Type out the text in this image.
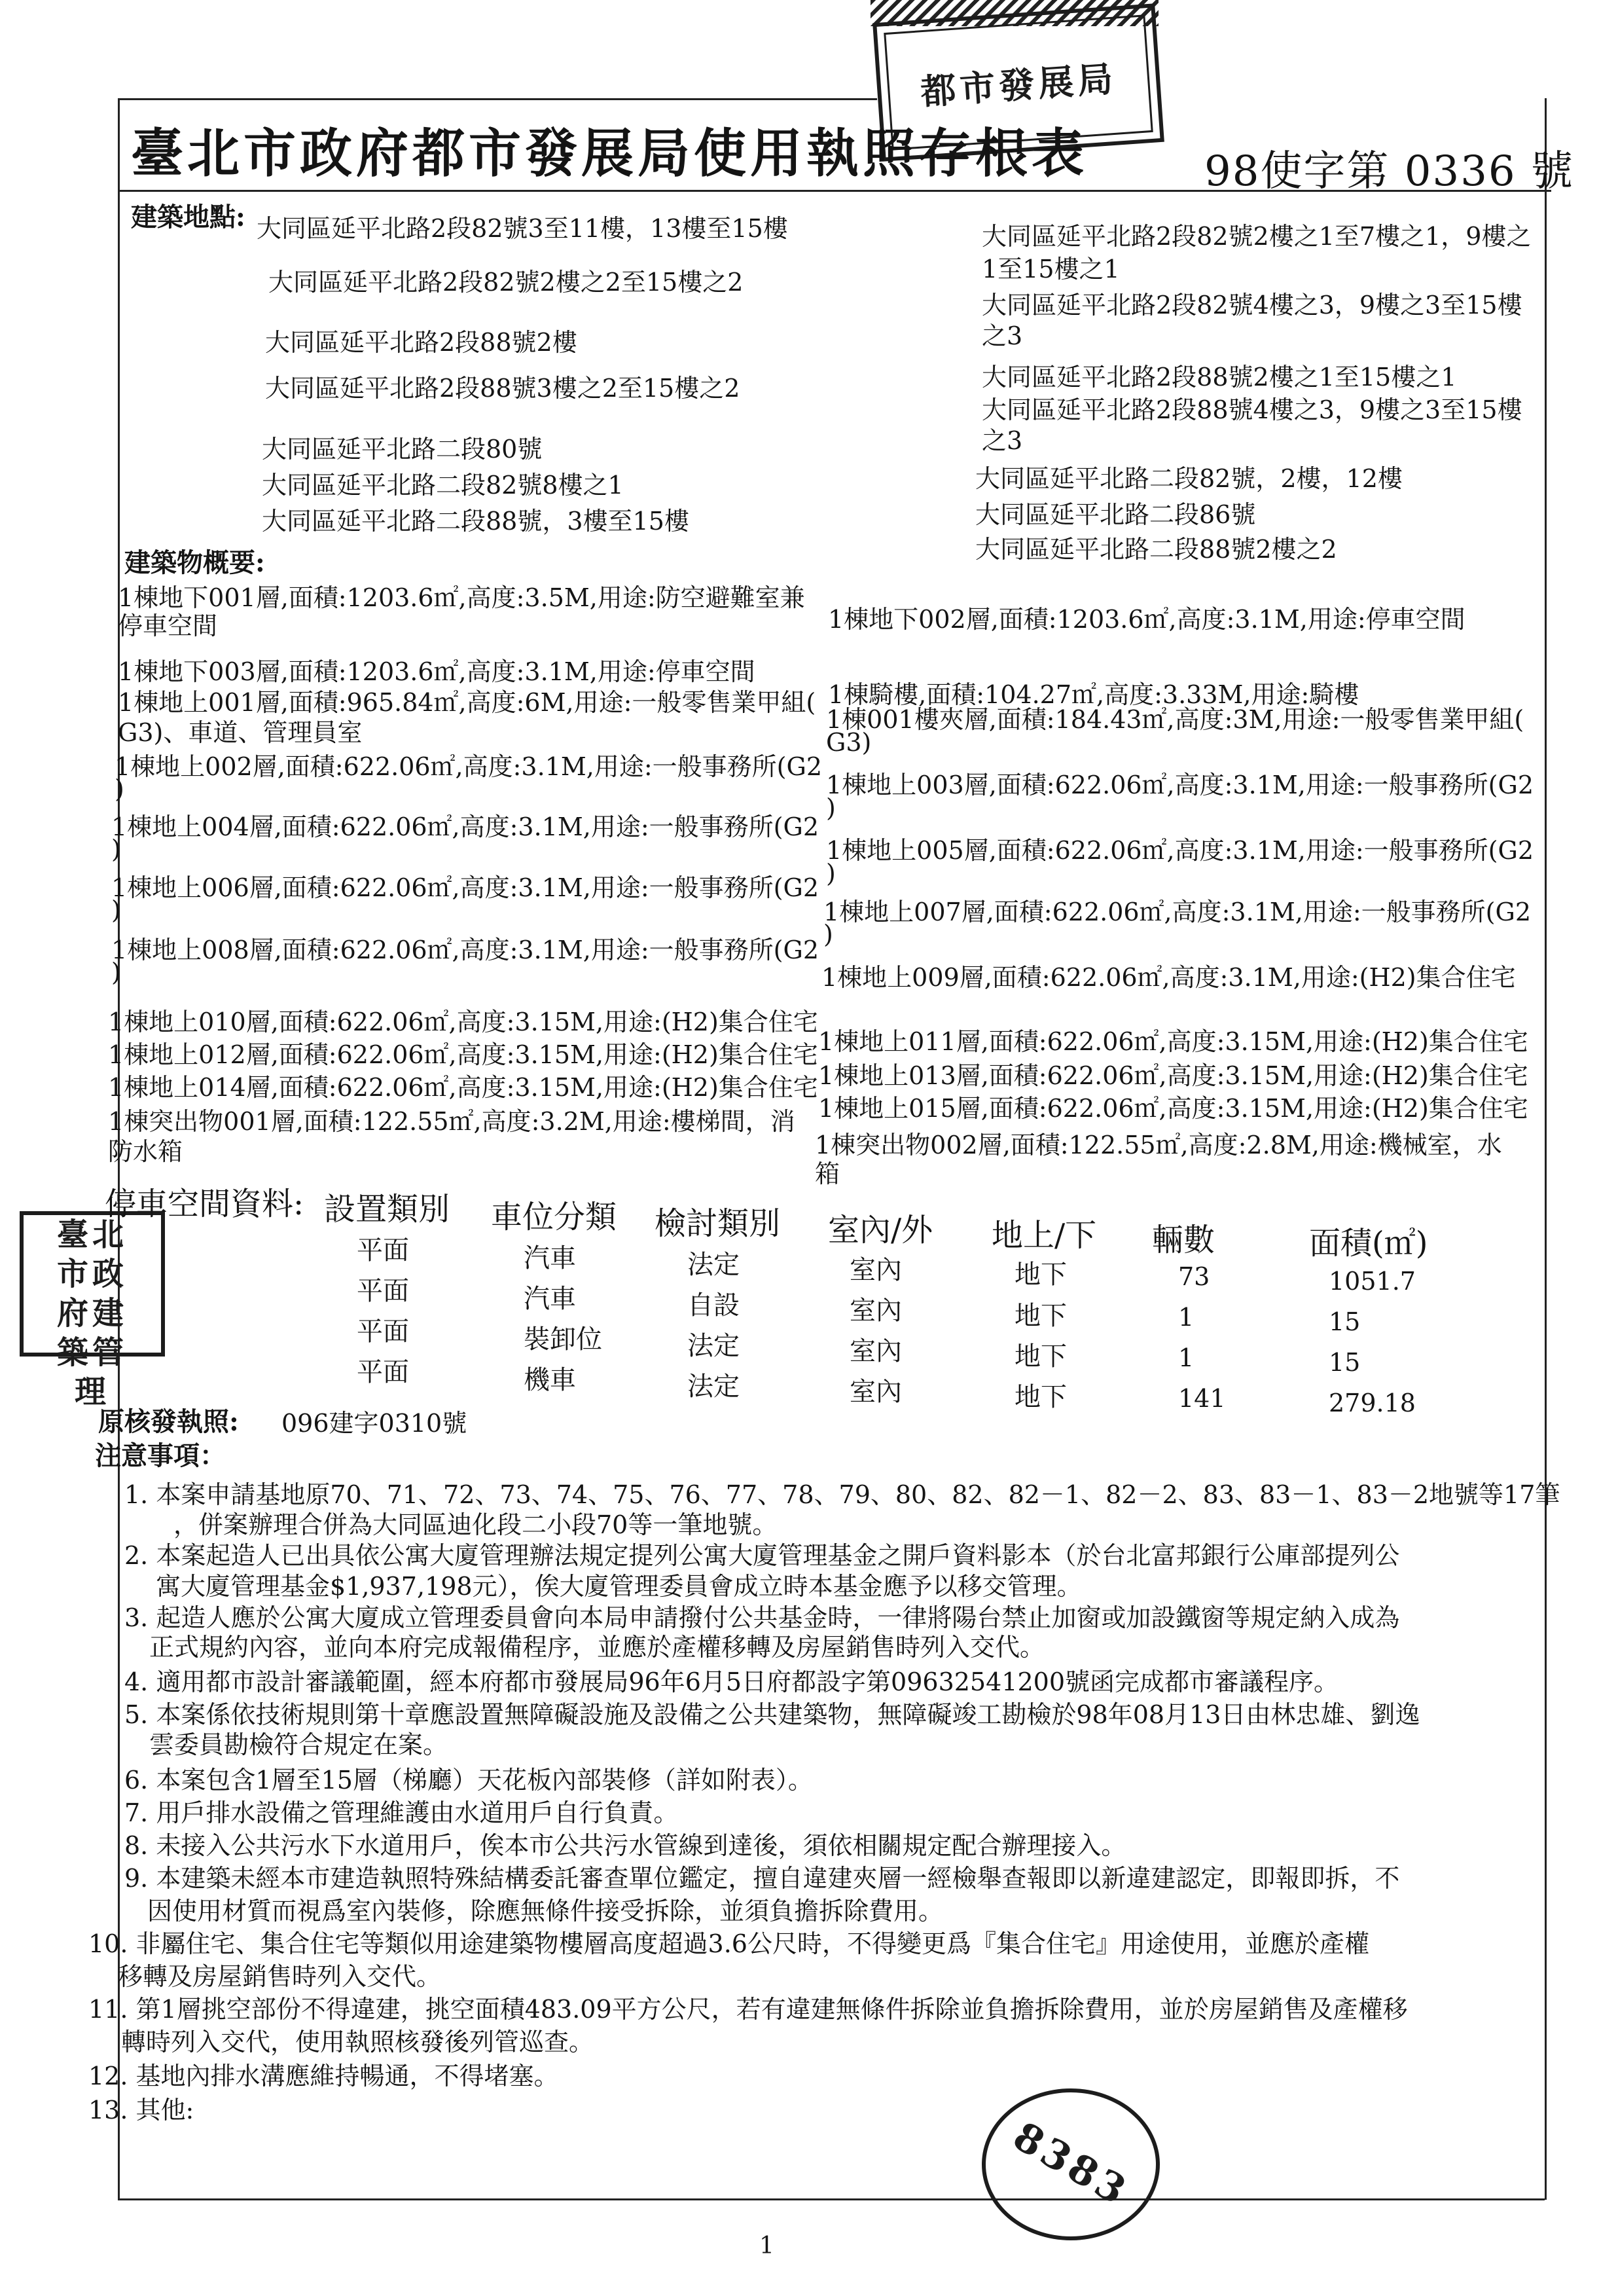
都市發展局
臺北市政府建築管理
8383
臺北市政府都市發展局使用執照存根表	98使字第 0336 號
建築地點: 大同區延平北路2段82號3至11樓，13樓至15樓
大同區延平北路2段82號2樓之2至15樓之2
大同區延平北路2段88號2樓
大同區延平北路2段88號3樓之2至15樓之2
大同區延平北路二段80號
大同區延平北路二段82號8樓之1
大同區延平北路二段88號，3樓至15樓
大同區延平北路2段82號2樓之1至7樓之1，9樓之
1至15樓之1
大同區延平北路2段82號4樓之3，9樓之3至15樓
之3
大同區延平北路2段88號2樓之1至15樓之1
大同區延平北路2段88號4樓之3，9樓之3至15樓
之3
大同區延平北路二段82號，2樓，12樓
大同區延平北路二段86號
大同區延平北路二段88號2樓之2
建築物概要:
1棟地下001層,面積:1203.6㎡,高度:3.5M,用途:防空避難室兼
停車空間
1棟地下003層,面積:1203.6㎡,高度:3.1M,用途:停車空間
1棟地上001層,面積:965.84㎡,高度:6M,用途:一般零售業甲組(
G3)、車道、管理員室
1棟地上002層,面積:622.06㎡,高度:3.1M,用途:一般事務所(G2
)
1棟地上004層,面積:622.06㎡,高度:3.1M,用途:一般事務所(G2
)
1棟地上006層,面積:622.06㎡,高度:3.1M,用途:一般事務所(G2
)
1棟地上008層,面積:622.06㎡,高度:3.1M,用途:一般事務所(G2
)
1棟地上010層,面積:622.06㎡,高度:3.15M,用途:(H2)集合住宅
1棟地上012層,面積:622.06㎡,高度:3.15M,用途:(H2)集合住宅
1棟地上014層,面積:622.06㎡,高度:3.15M,用途:(H2)集合住宅
1棟突出物001層,面積:122.55㎡,高度:3.2M,用途:樓梯間，消
防水箱
1棟地下002層,面積:1203.6㎡,高度:3.1M,用途:停車空間
1棟騎樓,面積:104.27㎡,高度:3.33M,用途:騎樓
1棟001樓夾層,面積:184.43㎡,高度:3M,用途:一般零售業甲組(
G3)
1棟地上003層,面積:622.06㎡,高度:3.1M,用途:一般事務所(G2
)
1棟地上005層,面積:622.06㎡,高度:3.1M,用途:一般事務所(G2
)
1棟地上007層,面積:622.06㎡,高度:3.1M,用途:一般事務所(G2
)
1棟地上009層,面積:622.06㎡,高度:3.1M,用途:(H2)集合住宅
1棟地上011層,面積:622.06㎡,高度:3.15M,用途:(H2)集合住宅
1棟地上013層,面積:622.06㎡,高度:3.15M,用途:(H2)集合住宅
1棟地上015層,面積:622.06㎡,高度:3.15M,用途:(H2)集合住宅
1棟突出物002層,面積:122.55㎡,高度:2.8M,用途:機械室，水
箱
停車空間資料: 設置類別 車位分類 檢討類別 室內/外 地上/下 輛數	面積(㎡)
平面	汽車	法定	室內	地下	73	1051.7
平面	汽車	自設	室內	地下	1	15
平面	裝卸位	法定	室內	地下	1	15
平面	機車	法定	室內	地下	141	279.18
原核發執照: 096建字0310號
注意事項：
1. 本案申請基地原70、71、72、73、74、75、76、77、78、79、80、82、82－1、82－2、83、83－1、83－2地號等17筆
，併案辦理合併為大同區迪化段二小段70等一筆地號。
2. 本案起造人已出具依公寓大廈管理辦法規定提列公寓大廈管理基金之開戶資料影本（於台北富邦銀行公庫部提列公
寓大廈管理基金$1,937,198元），俟大廈管理委員會成立時本基金應予以移交管理。
3. 起造人應於公寓大廈成立管理委員會向本局申請撥付公共基金時，一律將陽台禁止加窗或加設鐵窗等規定納入成為
正式規約內容，並向本府完成報備程序，並應於產權移轉及房屋銷售時列入交代。
4. 適用都市設計審議範圍，經本府都市發展局96年6月5日府都設字第09632541200號函完成都市審議程序。
5. 本案係依技術規則第十章應設置無障礙設施及設備之公共建築物，無障礙竣工勘檢於98年08月13日由林忠雄、劉逸
雲委員勘檢符合規定在案。
6. 本案包含1層至15層（梯廳）天花板內部裝修（詳如附表）。
7. 用戶排水設備之管理維護由水道用戶自行負責。
8. 未接入公共污水下水道用戶，俟本市公共污水管線到達後，須依相關規定配合辦理接入。
9. 本建築未經本市建造執照特殊結構委託審查單位鑑定，擅自違建夾層一經檢舉查報即以新違建認定，即報即拆，不
因使用材質而視爲室內裝修，除應無條件接受拆除，並須負擔拆除費用。
10. 非屬住宅、集合住宅等類似用途建築物樓層高度超過3.6公尺時，不得變更爲『集合住宅』用途使用，並應於產權
移轉及房屋銷售時列入交代。
11. 第1層挑空部份不得違建，挑空面積483.09平方公尺，若有違建無條件拆除並負擔拆除費用，並於房屋銷售及產權移
轉時列入交代，使用執照核發後列管巡查。
12. 基地內排水溝應維持暢通，不得堵塞。
13. 其他:
1
